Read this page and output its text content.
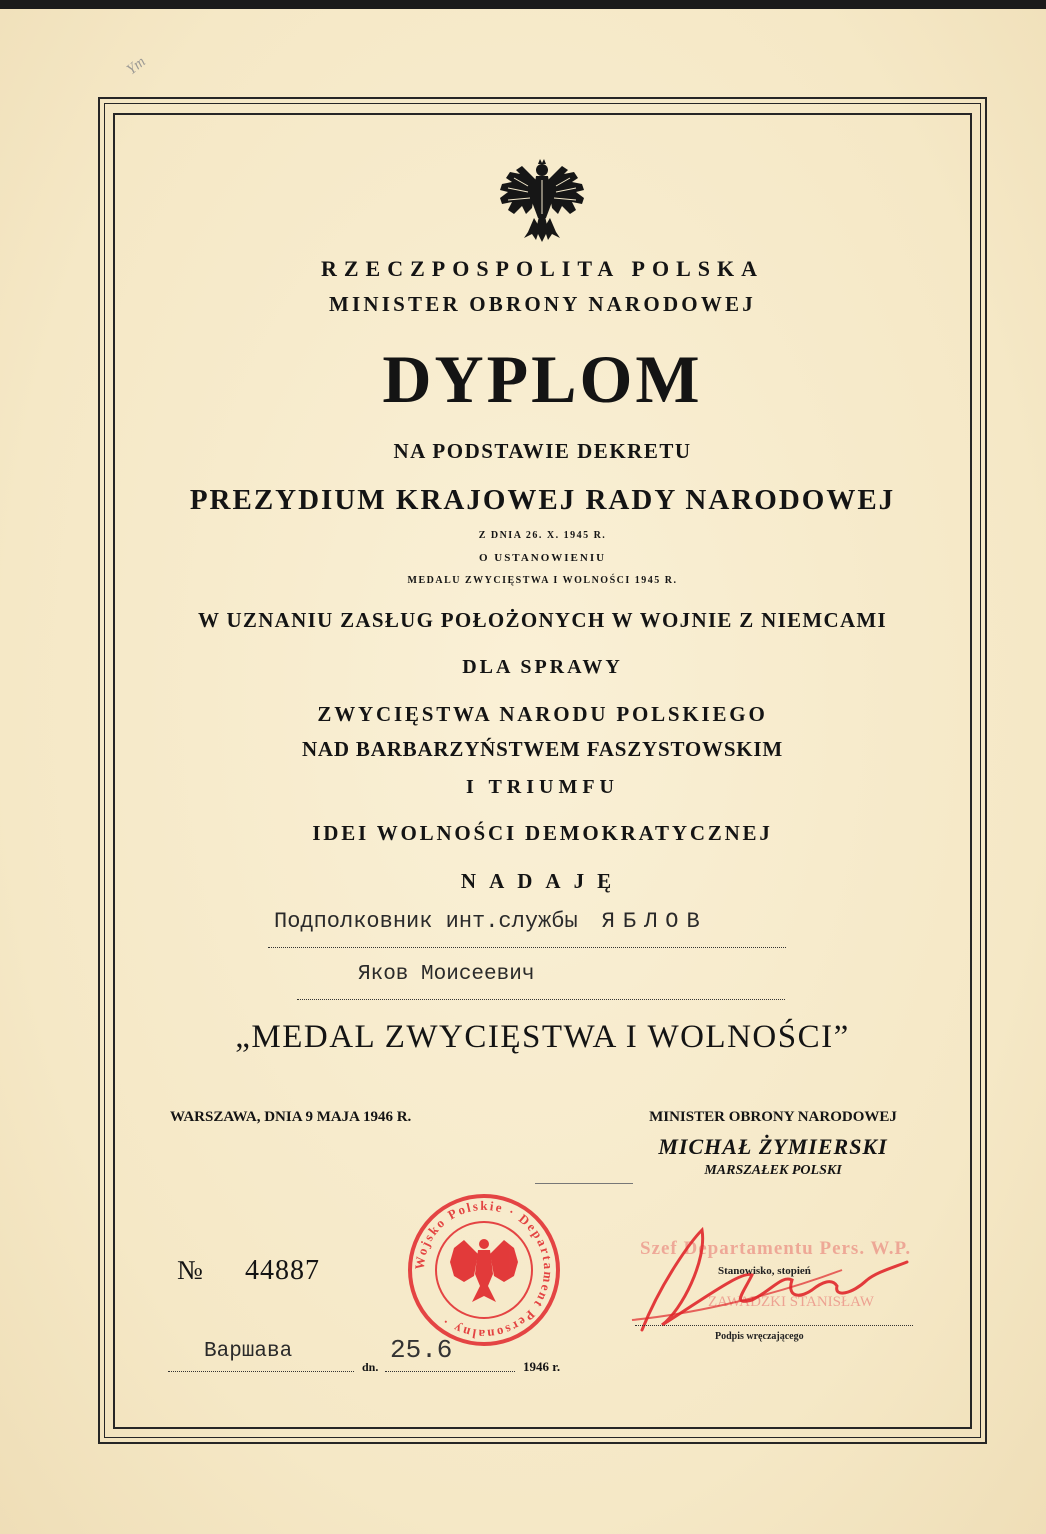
Ym
RZECZPOSPOLITA POLSKA
MINISTER OBRONY NARODOWEJ
DYPLOM
NA PODSTAWIE DEKRETU
PREZYDIUM KRAJOWEJ RADY NARODOWEJ
Z DNIA 26. X. 1945 R.
O USTANOWIENIU
MEDALU ZWYCIĘSTWA I WOLNOŚCI 1945 R.
W UZNANIU ZASŁUG POŁOŻONYCH W WOJNIE Z NIEMCAMI
DLA SPRAWY
ZWYCIĘSTWA NARODU POLSKIEGO
NAD BARBARZYŃSTWEM FASZYSTOWSKIM
I TRIUMFU
IDEI WOLNOŚCI DEMOKRATYCZNEJ
NADAJĘ
Подполковник инт.службы ЯБЛОВ
Яков Моисеевич
„MEDAL ZWYCIĘSTWA I WOLNOŚCI”
WARSZAWA, DNIA 9 MAJA 1946 R.	MINISTER OBRONY NARODOWEJ
MICHAŁ ŻYMIERSKI
MARSZAŁEK POLSKI
№ 44887
Варшава
dn.
25.6
1946 r.
Wojsko Polskie · Departament Personalny ·
Szef Departamentu Pers. W.P.
ZAWADZKI STANISŁAW
Stanowisko, stopień
Podpis wręczającego
